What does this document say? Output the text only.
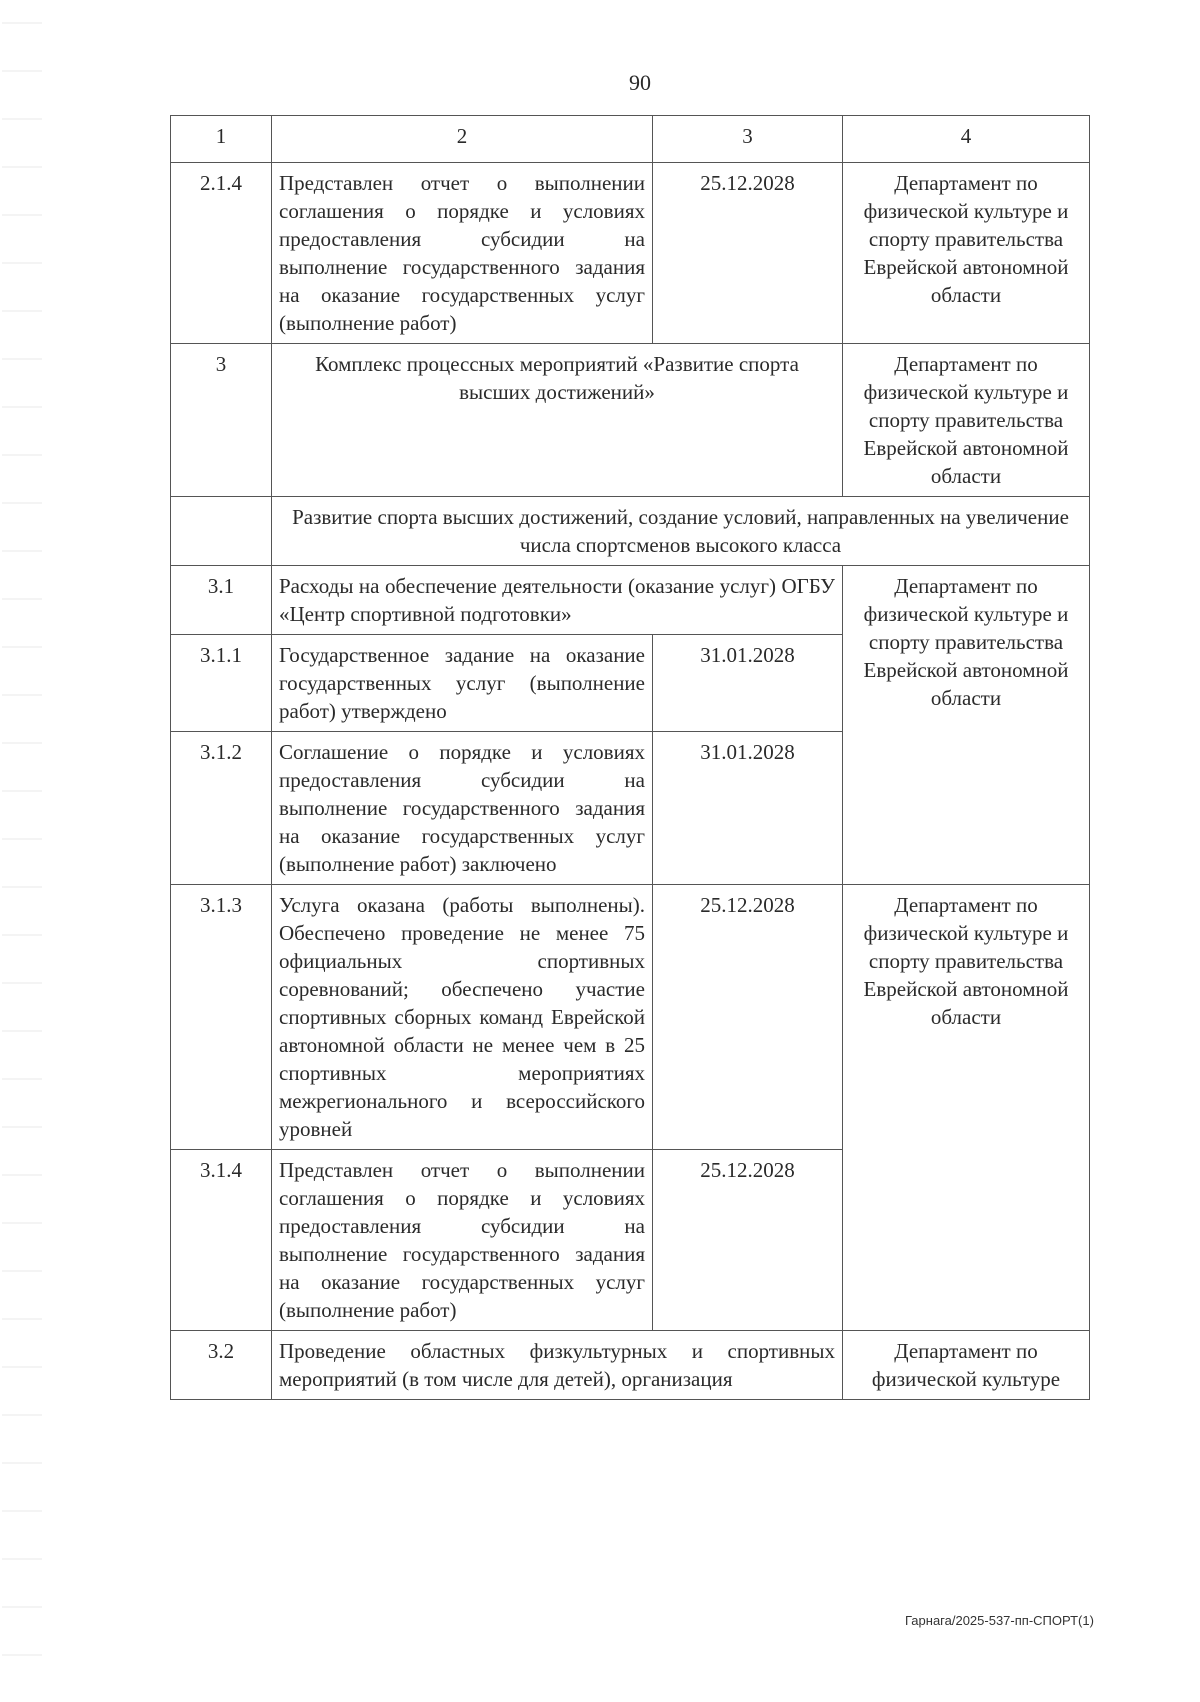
90
1	2	3	4
2.1.4	Представлен отчет о выполнении соглашения о порядке и условиях предоставления субсидии на выполнение государственного задания на оказание государственных услуг (выполнение работ)	25.12.2028	Департамент по физической культуре и спорту правительства Еврейской автономной области
3	Комплекс процессных мероприятий «Развитие спорта высших достижений»		Департамент по физической культуре и спорту правительства Еврейской автономной области
	Развитие спорта высших достижений, создание условий, направленных на увеличение числа спортсменов высокого класса		
3.1	Расходы на обеспечение деятельности (оказание услуг) ОГБУ «Центр спортивной подготовки»		Департамент по физической культуре и спорту правительства Еврейской автономной области
3.1.1	Государственное задание на оказание государственных услуг (выполнение работ) утверждено	31.01.2028	
3.1.2	Соглашение о порядке и условиях предоставления субсидии на выполнение государственного задания на оказание государственных услуг (выполнение работ) заключено	31.01.2028	
3.1.3	Услуга оказана (работы выполнены). Обеспечено проведение не менее 75 официальных спортивных соревнований; обеспечено участие спортивных сборных команд Еврейской автономной области не менее чем в 25 спортивных мероприятиях межрегионального и всероссийского уровней	25.12.2028	Департамент по физической культуре и спорту правительства Еврейской автономной области
3.1.4	Представлен отчет о выполнении соглашения о порядке и условиях предоставления субсидии на выполнение государственного задания на оказание государственных услуг (выполнение работ)	25.12.2028	
3.2	Проведение областных физкультурных и спортивных мероприятий (в том числе для детей), организация		Департамент по физической культуре
Гарнага/2025-537-пп-СПОРТ(1)
